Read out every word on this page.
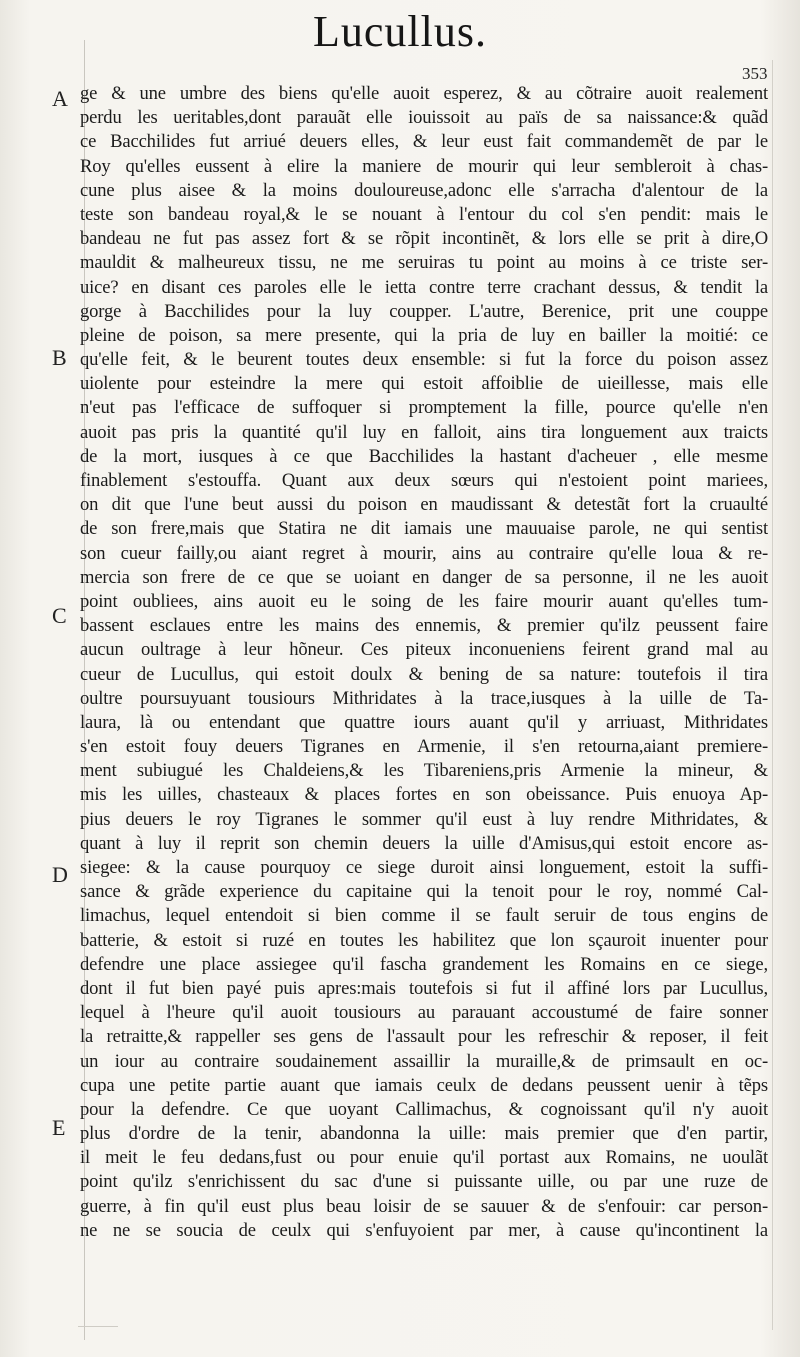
Lucullus.
353
A
B
C
D
E
ge & une umbre des biens qu'elle auoit esperez, & au cõtraire auoit realement
perdu les ueritables,dont parauãt elle iouissoit au païs de sa naissance:& quãd
ce Bacchilides fut arriué deuers elles, & leur eust fait commandemẽt de par le
Roy qu'elles eussent à elire la maniere de mourir qui leur sembleroit à chas-
cune plus aisee & la moins douloureuse,adonc elle s'arracha d'alentour de la
teste son bandeau royal,& le se nouant à l'entour du col s'en pendit: mais le
bandeau ne fut pas assez fort & se rõpit incontinẽt, & lors elle se prit à dire,O
mauldit & malheureux tissu, ne me seruiras tu point au moins à ce triste ser-
uice? en disant ces paroles elle le ietta contre terre crachant dessus, & tendit la
gorge à Bacchilides pour la luy coupper. L'autre, Berenice, prit une couppe
pleine de poison, sa mere presente, qui la pria de luy en bailler la moitié: ce
qu'elle feit, & le beurent toutes deux ensemble: si fut la force du poison assez
uiolente pour esteindre la mere qui estoit affoiblie de uieillesse, mais elle
n'eut pas l'efficace de suffoquer si promptement la fille, pource qu'elle n'en
auoit pas pris la quantité qu'il luy en falloit, ains tira longuement aux traicts
de la mort, iusques à ce que Bacchilides la hastant d'acheuer , elle mesme
finablement s'estouffa. Quant aux deux sœurs qui n'estoient point mariees,
on dit que l'une beut aussi du poison en maudissant & detestãt fort la cruaulté
de son frere,mais que Statira ne dit iamais une mauuaise parole, ne qui sentist
son cueur failly,ou aiant regret à mourir, ains au contraire qu'elle loua & re-
mercia son frere de ce que se uoiant en danger de sa personne, il ne les auoit
point oubliees, ains auoit eu le soing de les faire mourir auant qu'elles tum-
bassent esclaues entre les mains des ennemis, & premier qu'ilz peussent faire
aucun oultrage à leur hõneur. Ces piteux inconueniens feirent grand mal au
cueur de Lucullus, qui estoit doulx & bening de sa nature: toutefois il tira
oultre poursuyuant tousiours Mithridates à la trace,iusques à la uille de Ta-
laura, là ou entendant que quattre iours auant qu'il y arriuast, Mithridates
s'en estoit fouy deuers Tigranes en Armenie, il s'en retourna,aiant premiere-
ment subiugué les Chaldeiens,& les Tibareniens,pris Armenie la mineur, &
mis les uilles, chasteaux & places fortes en son obeissance. Puis enuoya Ap-
pius deuers le roy Tigranes le sommer qu'il eust à luy rendre Mithridates, &
quant à luy il reprit son chemin deuers la uille d'Amisus,qui estoit encore as-
siegee: & la cause pourquoy ce siege duroit ainsi longuement, estoit la suffi-
sance & grãde experience du capitaine qui la tenoit pour le roy, nommé Cal-
limachus, lequel entendoit si bien comme il se fault seruir de tous engins de
batterie, & estoit si ruzé en toutes les habilitez que lon sçauroit inuenter pour
defendre une place assiegee qu'il fascha grandement les Romains en ce siege,
dont il fut bien payé puis apres:mais toutefois si fut il affiné lors par Lucullus,
lequel à l'heure qu'il auoit tousiours au parauant accoustumé de faire sonner
la retraitte,& rappeller ses gens de l'assault pour les refreschir & reposer, il feit
un iour au contraire soudainement assaillir la muraille,& de primsault en oc-
cupa une petite partie auant que iamais ceulx de dedans peussent uenir à tẽps
pour la defendre. Ce que uoyant Callimachus, & cognoissant qu'il n'y auoit
plus d'ordre de la tenir, abandonna la uille: mais premier que d'en partir,
il meit le feu dedans,fust ou pour enuie qu'il portast aux Romains, ne uoulãt
point qu'ilz s'enrichissent du sac d'une si puissante uille, ou par une ruze de
guerre, à fin qu'il eust plus beau loisir de se sauuer & de s'enfouir: car person-
ne ne se soucia de ceulx qui s'enfuyoient par mer, à cause qu'incontinent la
